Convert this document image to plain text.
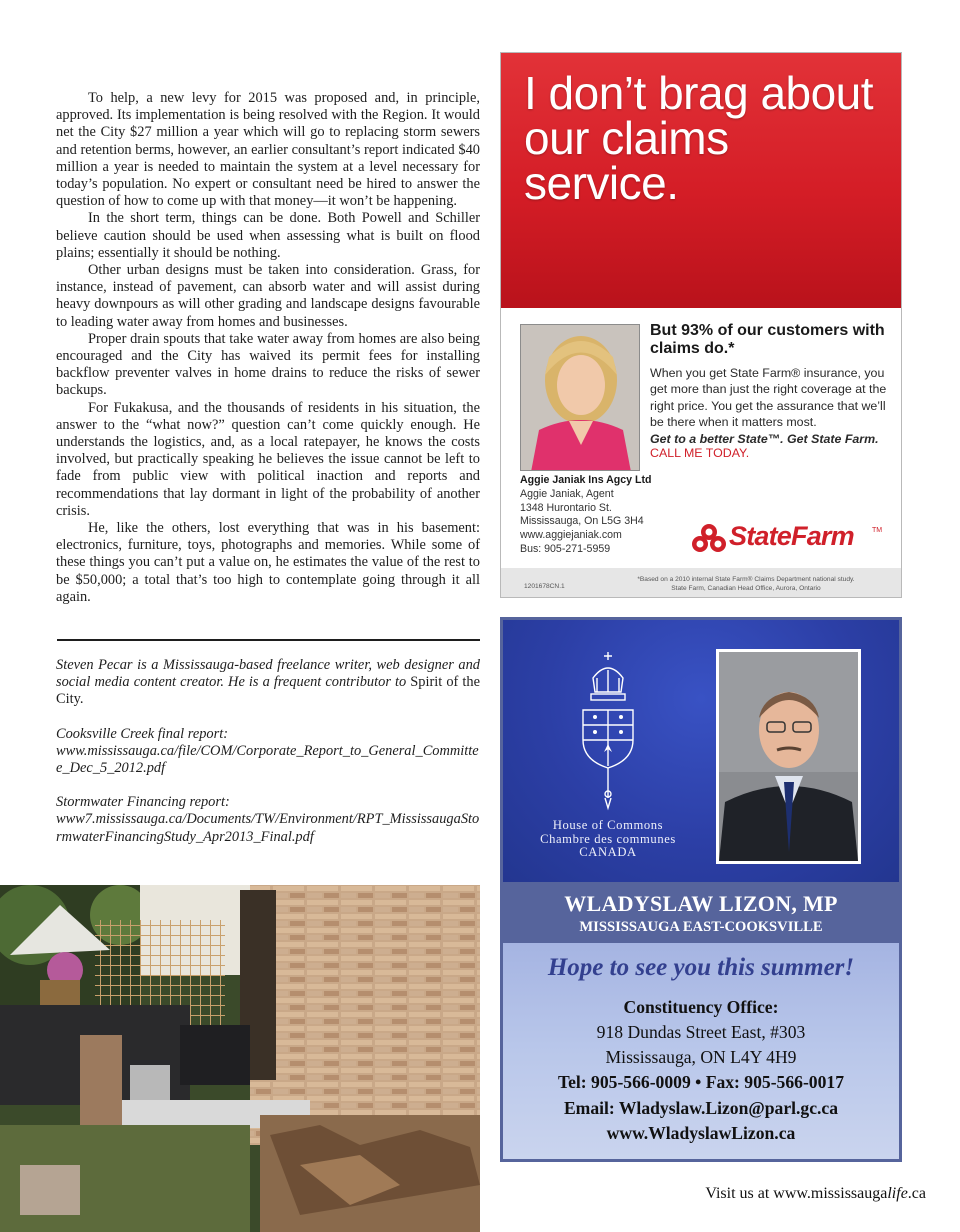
To help, a new levy for 2015 was proposed and, in principle, approved. Its implementation is being resolved with the Region. It would net the City $27 million a year which will go to replacing storm sewers and retention berms, however, an earlier consultant’s report indicated $40 million a year is needed to maintain the system at a level necessary for today’s population. No expert or consultant need be hired to answer the question of how to come up with that money—it won’t be happening.

In the short term, things can be done. Both Powell and Schiller believe caution should be used when assessing what is built on flood plains; essentially it should be nothing.

Other urban designs must be taken into consideration. Grass, for instance, instead of pavement, can absorb water and will assist during heavy downpours as will other grading and landscape designs favourable to leading water away from homes and businesses.

Proper drain spouts that take water away from homes are also being encouraged and the City has waived its permit fees for installing backflow preventer valves in home drains to reduce the risks of sewer backups.

For Fukakusa, and the thousands of residents in his situation, the answer to the “what now?” question can’t come quickly enough. He understands the logistics, and, as a local ratepayer, he knows the costs involved, but practically speaking he believes the issue cannot be left to fade from public view with political inaction and reports and recommendations that lay dormant in light of the probability of another crisis.

He, like the others, lost everything that was in his basement: electronics, furniture, toys, photographs and memories. While some of these things you can’t put a value on, he estimates the value of the rest to be $50,000; a total that’s too high to contemplate going through it all again.

Steven Pecar is a Mississauga-based freelance writer, web designer and social media content creator. He is a frequent contributor to Spirit of the City.

Cooksville Creek final report:
www.mississauga.ca/file/COM/Corporate_Report_to_General_Committee_Dec_5_2012.pdf
Stormwater Financing report:
www7.mississauga.ca/Documents/TW/Environment/RPT_MississaugaStormwaterFinancingStudy_Apr2013_Final.pdf
I don’t brag about our claims service.
But 93% of our customers with claims do.*
When you get State Farm® insurance, you get more than just the right coverage at the right price. You get the assurance that we’ll be there when it matters most.
Get to a better State™. Get State Farm.
CALL ME TODAY.
Aggie Janiak Ins Agcy Ltd
Aggie Janiak, Agent
1348 Hurontario St.
Mississauga, On L5G 3H4
www.aggiejaniak.com
Bus: 905-271-5959	StateFarm	TM
1201678CN.1
*Based on a 2010 internal State Farm® Claims Department national study.
State Farm, Canadian Head Office, Aurora, Ontario
House of Commons
Chambre des communes
CANADA
WLADYSLAW LIZON, MP
MISSISSAUGA EAST-COOKSVILLE
Hope to see you this summer!
Constituency Office:
918 Dundas Street East, #303
Mississauga, ON L4Y 4H9
Tel: 905-566-0009 • Fax: 905-566-0017
Email: Wladyslaw.Lizon@parl.gc.ca
www.WladyslawLizon.ca
Visit us at www.mississaugalife.ca
